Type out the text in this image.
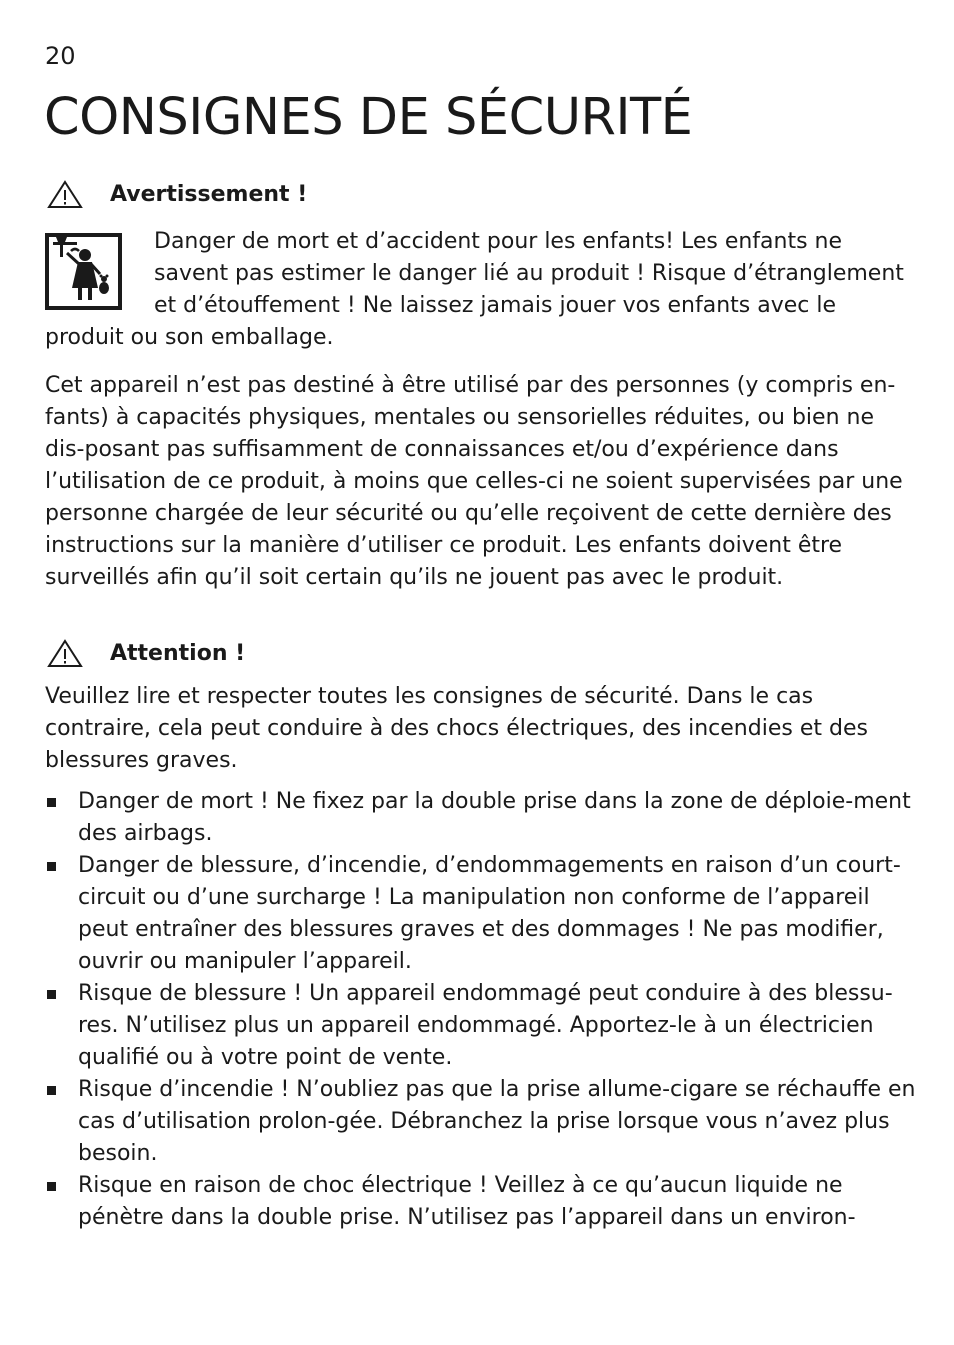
20
CONSIGNES DE SÉCURITÉ
Avertissement !

Danger de mort et d’accident pour les enfants! Les enfants ne savent pas estimer le danger lié au produit ! Risque d’étranglement et d’étouffement ! Ne laissez jamais jouer vos enfants avec le produit ou son emballage.

Cet appareil n’est pas destiné à être utilisé par des personnes (y compris en-fants) à capacités physiques, mentales ou sensorielles réduites, ou bien ne dis-posant pas suffisamment de connaissances et/ou d’expérience dans l’utilisation de ce produit, à moins que celles-ci ne soient supervisées par une personne chargée de leur sécurité ou qu’elle reçoivent de cette dernière des instructions sur la manière d’utiliser ce produit. Les enfants doivent être surveillés afin qu’il soit certain qu’ils ne jouent pas avec le produit.

Attention !

Veuillez lire et respecter toutes les consignes de sécurité. Dans le cas contraire, cela peut conduire à des chocs électriques, des incendies et des blessures graves.

Danger de mort ! Ne fixez par la double prise dans la zone de déploie-ment des airbags.
Danger de blessure, d’incendie, d’endommagements en raison d’un court-circuit ou d’une surcharge ! La manipulation non conforme de l’appareil peut entraîner des blessures graves et des dommages ! Ne pas modifier, ouvrir ou manipuler l’appareil.
Risque de blessure ! Un appareil endommagé peut conduire à des blessu-res. N’utilisez plus un appareil endommagé. Apportez-le à un électricien qualifié ou à votre point de vente.
Risque d’incendie ! N’oubliez pas que la prise allume-cigare se réchauffe en cas d’utilisation prolon-gée. Débranchez la prise lorsque vous n’avez plus besoin.
Risque en raison de choc électrique ! Veillez à ce qu’aucun liquide ne pénètre dans la double prise. N’utilisez pas l’appareil dans un environ-
